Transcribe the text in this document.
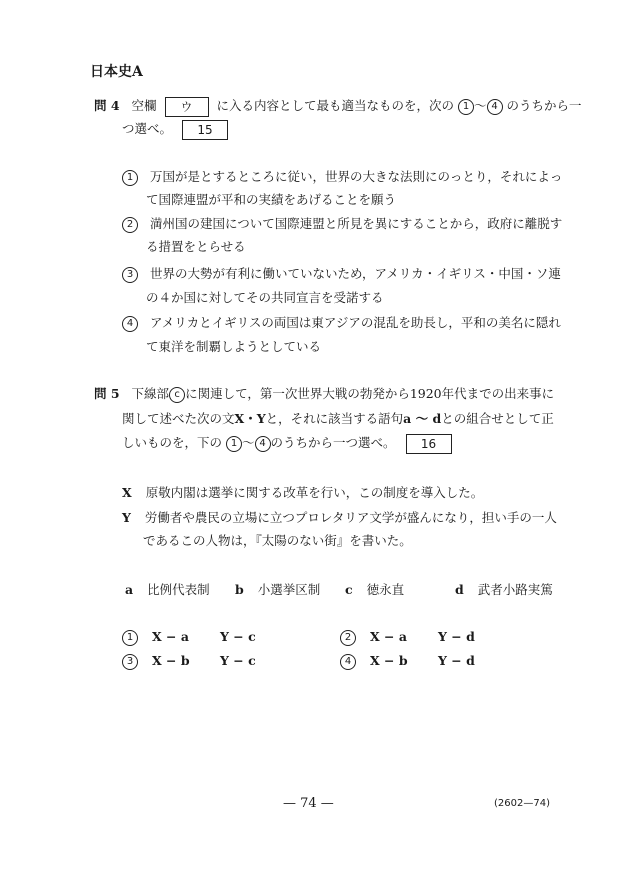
日本史A
問 4 空欄 ウ に入る内容として最も適当なものを，次の 1 ～ 4 のうちから一
つ選べ。 15
1 万国が是とするところに従い，世界の大きな法則にのっとり，それによっ
て国際連盟が平和の実績をあげることを願う
2 満州国の建国について国際連盟と所見を異にすることから，政府に離脱す
る措置をとらせる
3 世界の大勢が有利に働いていないため，アメリカ・イギリス・中国・ソ連
の４か国に対してその共同宣言を受諾する
4 アメリカとイギリスの両国は東アジアの混乱を助長し，平和の美名に隠れ
て東洋を制覇しようとしている
問 5 下線部 c に関連して，第一次世界大戦の勃発から1920年代までの出来事に
関して述べた次の文X・Yと，それに該当する語句a ～ dとの組合せとして正
しいものを，下の 1 ～ 4 のうちから一つ選べ。 16
X 原敬内閣は選挙に関する改革を行い，この制度を導入した。
Y 労働者や農民の立場に立つプロレタリア文学が盛んになり，担い手の一人
であるこの人物は，『太陽のない街』を書いた。
a 比例代表制 b 小選挙区制 c 徳永直	d 武者小路実篤
1 X − a Y − c	2 X − a Y − d
3 X − b Y − c	4 X − b Y − d
— 74 —	(2602—74)
